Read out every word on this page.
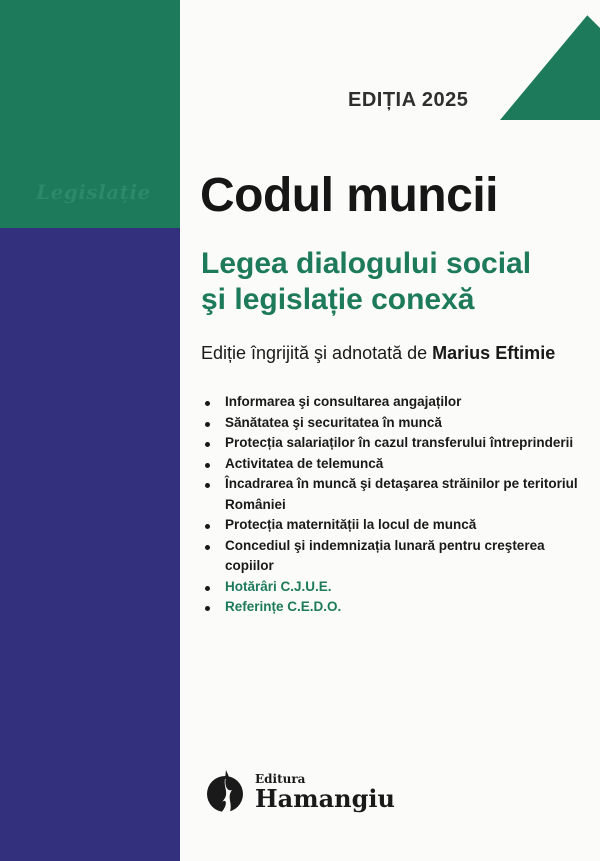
Legislație
EDIȚIA 2025
Codul muncii
Legea dialogului social
şi legislație conexă
Ediție îngrijită şi adnotată de Marius Eftimie
Informarea şi consultarea angajaților
Sănătatea şi securitatea în muncă
Protecția salariaților în cazul transferului întreprinderii
Activitatea de telemuncă
Încadrarea în muncă şi detaşarea străinilor pe teritoriul României
Protecția maternității la locul de muncă
Concediul şi indemnizația lunară pentru creşterea copiilor
Hotărâri C.J.U.E.
Referințe C.E.D.O.
Editura
Hamangiu
